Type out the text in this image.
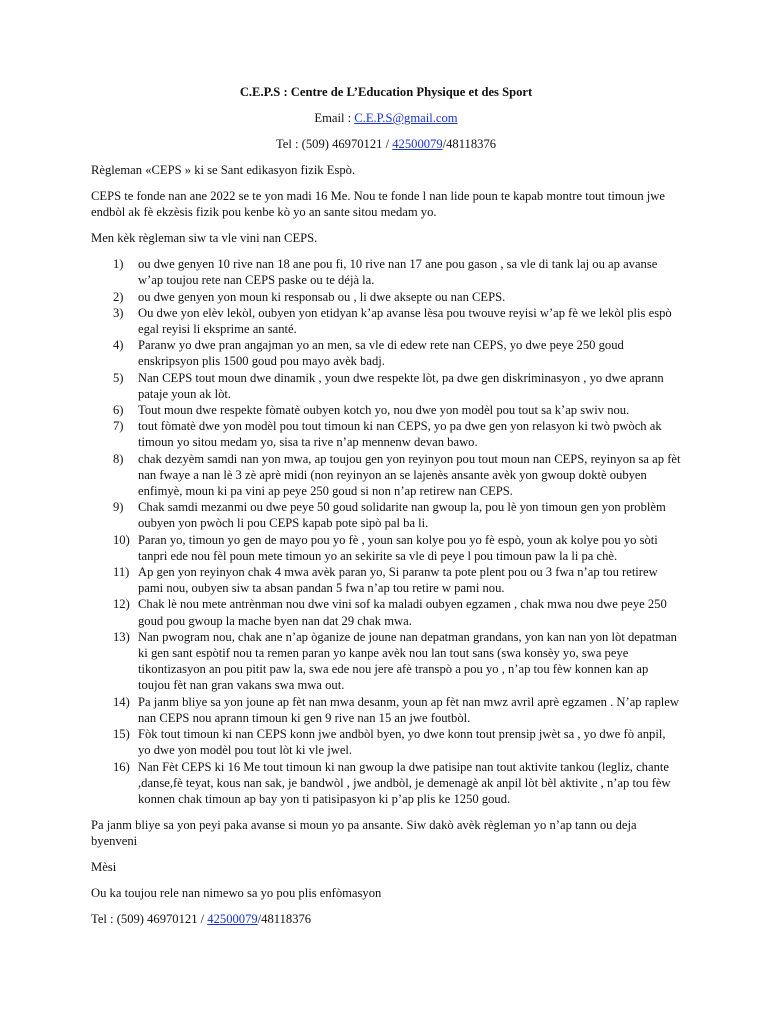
C.E.P.S : Centre de L’Education Physique et des Sport

Email : C.E.P.S@gmail.com

Tel : (509) 46970121 / 42500079/48118376

Règleman «CEPS » ki se Sant edikasyon fizik Espò.

CEPS te fonde nan ane 2022 se te yon madi 16 Me. Nou te fonde l nan lide poun te kapab montre tout timoun jwe endbòl ak fè ekzèsis fizik pou kenbe kò yo an sante sitou medam yo.

Men kèk règleman siw ta vle vini nan CEPS.

1) ou dwe genyen 10 rive nan 18 ane pou fi, 10 rive nan 17 ane pou gason , sa vle di tank laj ou ap avanse w’ap toujou rete nan CEPS paske ou te déjà la.
2) ou dwe genyen yon moun ki responsab ou , li dwe aksepte ou nan CEPS.
3) Ou dwe yon elèv lekòl, oubyen yon etidyan k’ap avanse lèsa pou twouve reyisi w’ap fè we lekòl plis espò egal reyisi li eksprime an santé.
4) Paranw yo dwe pran angajman yo an men, sa vle di edew rete nan CEPS, yo dwe peye 250 goud enskripsyon plis 1500 goud pou mayo avèk badj.
5) Nan CEPS tout moun dwe dinamik , youn dwe respekte lòt, pa dwe gen diskriminasyon , yo dwe aprann pataje youn ak lòt.
6) Tout moun dwe respekte fòmatè oubyen kotch yo, nou dwe yon modèl pou tout sa k’ap swiv nou.
7) tout fòmatè dwe yon modèl pou tout timoun ki nan CEPS, yo pa dwe gen yon relasyon ki twò pwòch ak timoun yo sitou medam yo, sisa ta rive n’ap mennenw devan bawo.
8) chak dezyèm samdi nan yon mwa, ap toujou gen yon reyinyon pou tout moun nan CEPS, reyinyon sa ap fèt nan fwaye a nan lè 3 zè aprè midi (non reyinyon an se lajenès ansante avèk yon gwoup doktè oubyen enfimyè, moun ki pa vini ap peye 250 goud si non n’ap retirew nan CEPS.
9) Chak samdi mezanmi ou dwe peye 50 goud solidarite nan gwoup la, pou lè yon timoun gen yon problèm oubyen yon pwòch li pou CEPS kapab pote sipò pal ba li.
10) Paran yo, timoun yo gen de mayo pou yo fè , youn san kolye pou yo fè espò, youn ak kolye pou yo sòti tanpri ede nou fèl poun mete timoun yo an sekirite sa vle di peye l pou timoun paw la li pa chè.
11) Ap gen yon reyinyon chak 4 mwa avèk paran yo, Si paranw ta pote plent pou ou 3 fwa n’ap tou retirew pami nou, oubyen siw ta absan pandan 5 fwa n’ap tou retire w pami nou.
12) Chak lè nou mete antrènman nou dwe vini sof ka maladi oubyen egzamen , chak mwa nou dwe peye 250 goud pou gwoup la mache byen nan dat 29 chak mwa.
13) Nan pwogram nou, chak ane n’ap òganize de joune nan depatman grandans, yon kan nan yon lòt depatman ki gen sant espòtif nou ta remen paran yo kanpe avèk nou lan tout sans (swa konsèy yo, swa peye tikontizasyon an pou pitit paw la, swa ede nou jere afè transpò a pou yo , n’ap tou fèw konnen kan ap toujou fèt nan gran vakans swa mwa out.
14) Pa janm bliye sa yon joune ap fèt nan mwa desanm, youn ap fèt nan mwz avril aprè egzamen . N’ap raplew nan CEPS nou aprann timoun ki gen 9 rive nan 15 an jwe foutbòl.
15) Fòk tout timoun ki nan CEPS konn jwe andbòl byen, yo dwe konn tout prensip jwèt sa , yo dwe fò anpil, yo dwe yon modèl pou tout lòt ki vle jwel.
16) Nan Fèt CEPS ki 16 Me tout timoun ki nan gwoup la dwe patisipe nan tout aktivite tankou (legliz, chante ,danse,fè teyat, kous nan sak, je bandwòl , jwe andbòl, je demenagè ak anpil lòt bèl aktivite , n’ap tou fèw konnen chak timoun ap bay yon ti patisipasyon ki p’ap plis ke 1250 goud.

Pa janm bliye sa yon peyi paka avanse si moun yo pa ansante. Siw dakò avèk règleman yo n’ap tann ou deja byenveni

Mèsi

Ou ka toujou rele nan nimewo sa yo pou plis enfòmasyon

Tel : (509) 46970121 / 42500079/48118376
